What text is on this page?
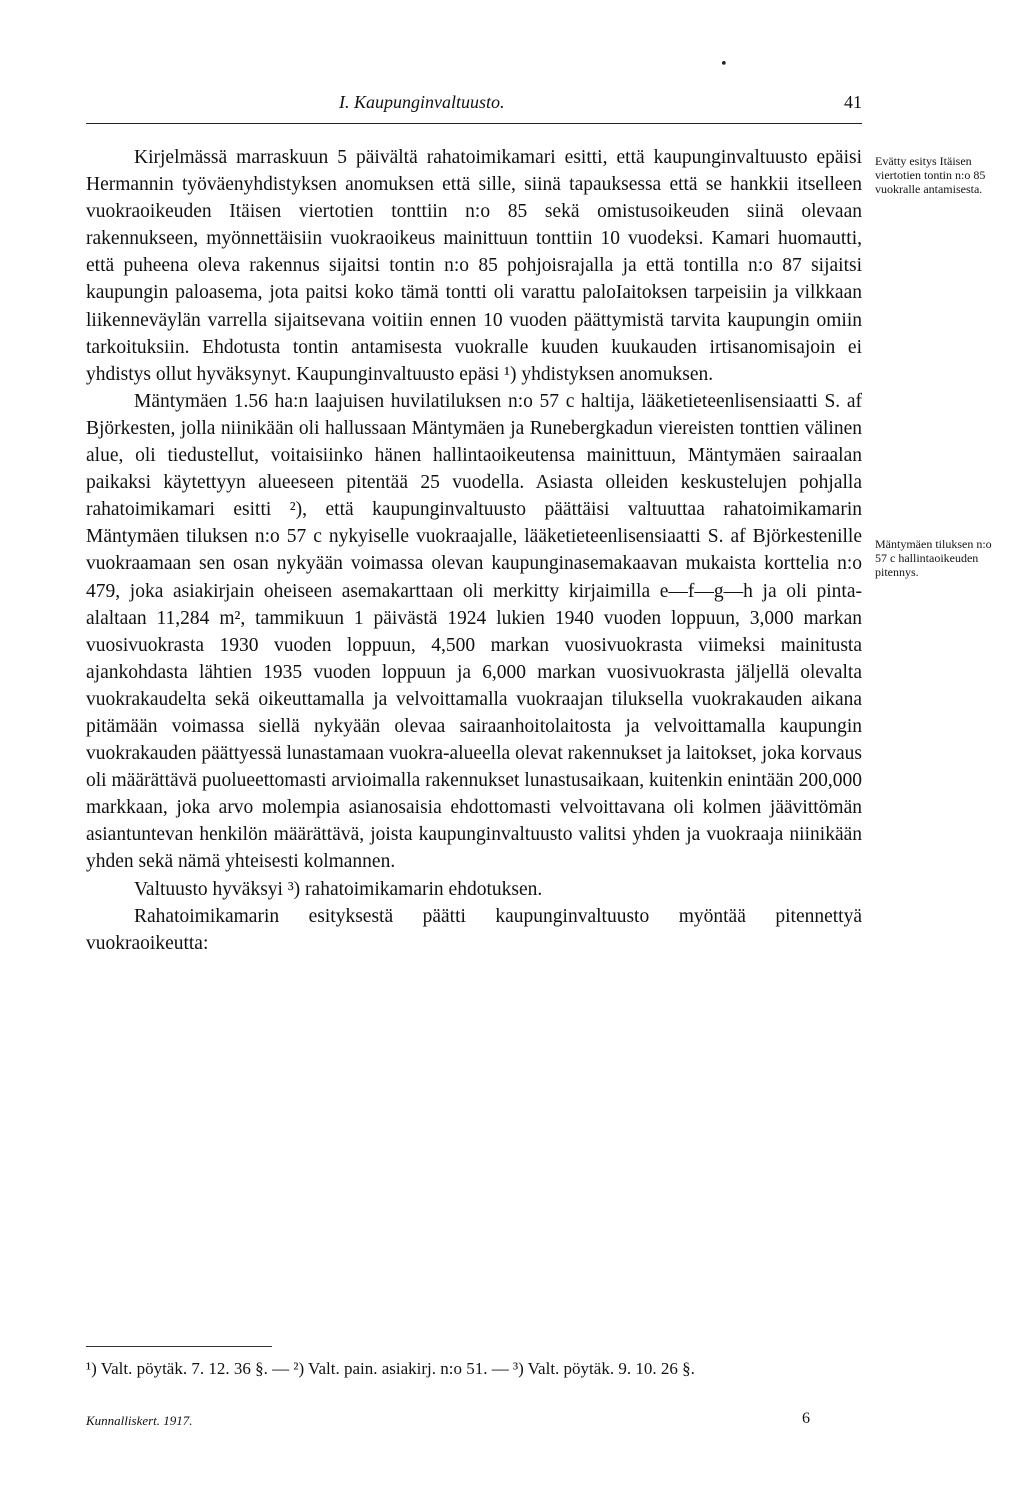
•
I. Kaupunginvaltuusto.	41

Kirjelmässä marraskuun 5 päivältä rahatoimikamari esitti, että kaupunginvaltuusto epäisi Hermannin työväenyhdistyksen anomuksen että sille, siinä tapauksessa että se hankkii itselleen vuokraoikeuden Itäisen viertotien tonttiin n:o 85 sekä omistusoikeuden siinä olevaan rakennukseen, myönnettäisiin vuokraoikeus mainittuun tonttiin 10 vuodeksi. Kamari huomautti, että puheena oleva rakennus sijaitsi tontin n:o 85 pohjoisrajalla ja että tontilla n:o 87 sijaitsi kaupungin paloasema, jota paitsi koko tämä tontti oli varattu paloIaitoksen tarpeisiin ja vilkkaan liikenneväylän varrella sijaitsevana voitiin ennen 10 vuoden päättymistä tarvita kaupungin omiin tarkoituksiin. Ehdotusta tontin antamisesta vuokralle kuuden kuukauden irtisanomisajoin ei yhdistys ollut hyväksynyt. Kaupunginvaltuusto epäsi ¹) yhdistyksen anomuksen.

Mäntymäen 1.56 ha:n laajuisen huvilatiluksen n:o 57 c haltija, lääketieteenlisensiaatti S. af Björkesten, jolla niinikään oli hallussaan Mäntymäen ja Runebergkadun viereisten tonttien välinen alue, oli tiedustellut, voitaisiinko hänen hallintaoikeutensa mainittuun, Mäntymäen sairaalan paikaksi käytettyyn alueeseen pitentää 25 vuodella. Asiasta olleiden keskustelujen pohjalla rahatoimikamari esitti ²), että kaupunginvaltuusto päättäisi valtuuttaa rahatoimikamarin Mäntymäen tiluksen n:o 57 c nykyiselle vuokraajalle, lääketieteenlisensiaatti S. af Björkestenille vuokraamaan sen osan nykyään voimassa olevan kaupunginasemakaavan mukaista korttelia n:o 479, joka asiakirjain oheiseen asemakarttaan oli merkitty kirjaimilla e—f—g—h ja oli pinta-alaltaan 11,284 m², tammikuun 1 päivästä 1924 lukien 1940 vuoden loppuun, 3,000 markan vuosivuokrasta 1930 vuoden loppuun, 4,500 markan vuosivuokrasta viimeksi mainitusta ajankohdasta lähtien 1935 vuoden loppuun ja 6,000 markan vuosivuokrasta jäljellä olevalta vuokrakaudelta sekä oikeuttamalla ja velvoittamalla vuokraajan tiluksella vuokrakauden aikana pitämään voimassa siellä nykyään olevaa sairaanhoitolaitosta ja velvoittamalla kaupungin vuokrakauden päättyessä lunastamaan vuokra-alueella olevat rakennukset ja laitokset, joka korvaus oli määrättävä puolueettomasti arvioimalla rakennukset lunastusaikaan, kuitenkin enintään 200,000 markkaan, joka arvo molempia asianosaisia ehdottomasti velvoittavana oli kolmen jäävittömän asiantuntevan henkilön määrättävä, joista kaupunginvaltuusto valitsi yhden ja vuokraaja niinikään yhden sekä nämä yhteisesti kolmannen.

Valtuusto hyväksyi ³) rahatoimikamarin ehdotuksen.

Rahatoimikamarin esityksestä päätti kaupunginvaltuusto myöntää pitennettyä vuokraoikeutta:

Evätty esitys Itäisen viertotien tontin n:o 85 vuokralle antamisesta.
Mäntymäen tiluksen n:o 57 c hallintaoikeuden pitennys.
¹) Valt. pöytäk. 7. 12. 36 §. — ²) Valt. pain. asiakirj. n:o 51. — ³) Valt. pöytäk. 9. 10. 26 §.
Kunnalliskert. 1917.	6
